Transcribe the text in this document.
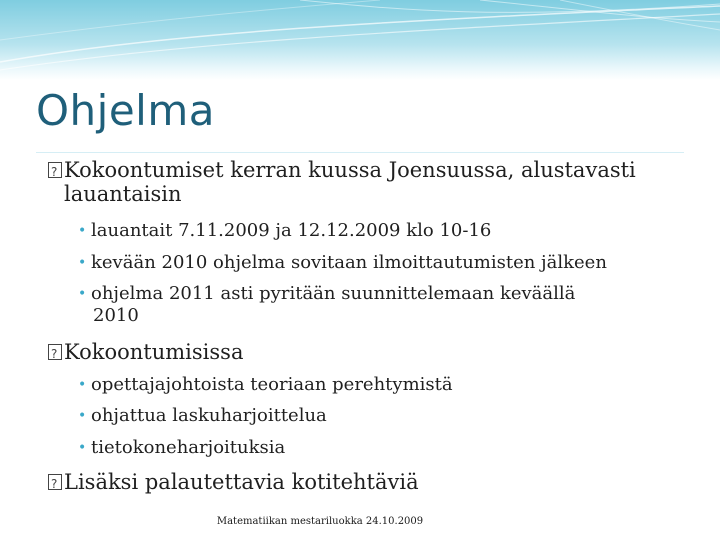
Ohjelma
?Kokoontumiset kerran kuussa Joensuussa, alustavasti
lauantaisin
• lauantait 7.11.2009 ja 12.12.2009 klo 10-16
• kevään 2010 ohjelma sovitaan ilmoittautumisten jälkeen
• ohjelma 2011 asti pyritään suunnittelemaan keväällä
2010
?Kokoontumisissa
• opettajajohtoista teoriaan perehtymistä
• ohjattua laskuharjoittelua
• tietokoneharjoituksia
?Lisäksi palautettavia kotitehtäviä
Matematiikan mestariluokka 24.10.2009
